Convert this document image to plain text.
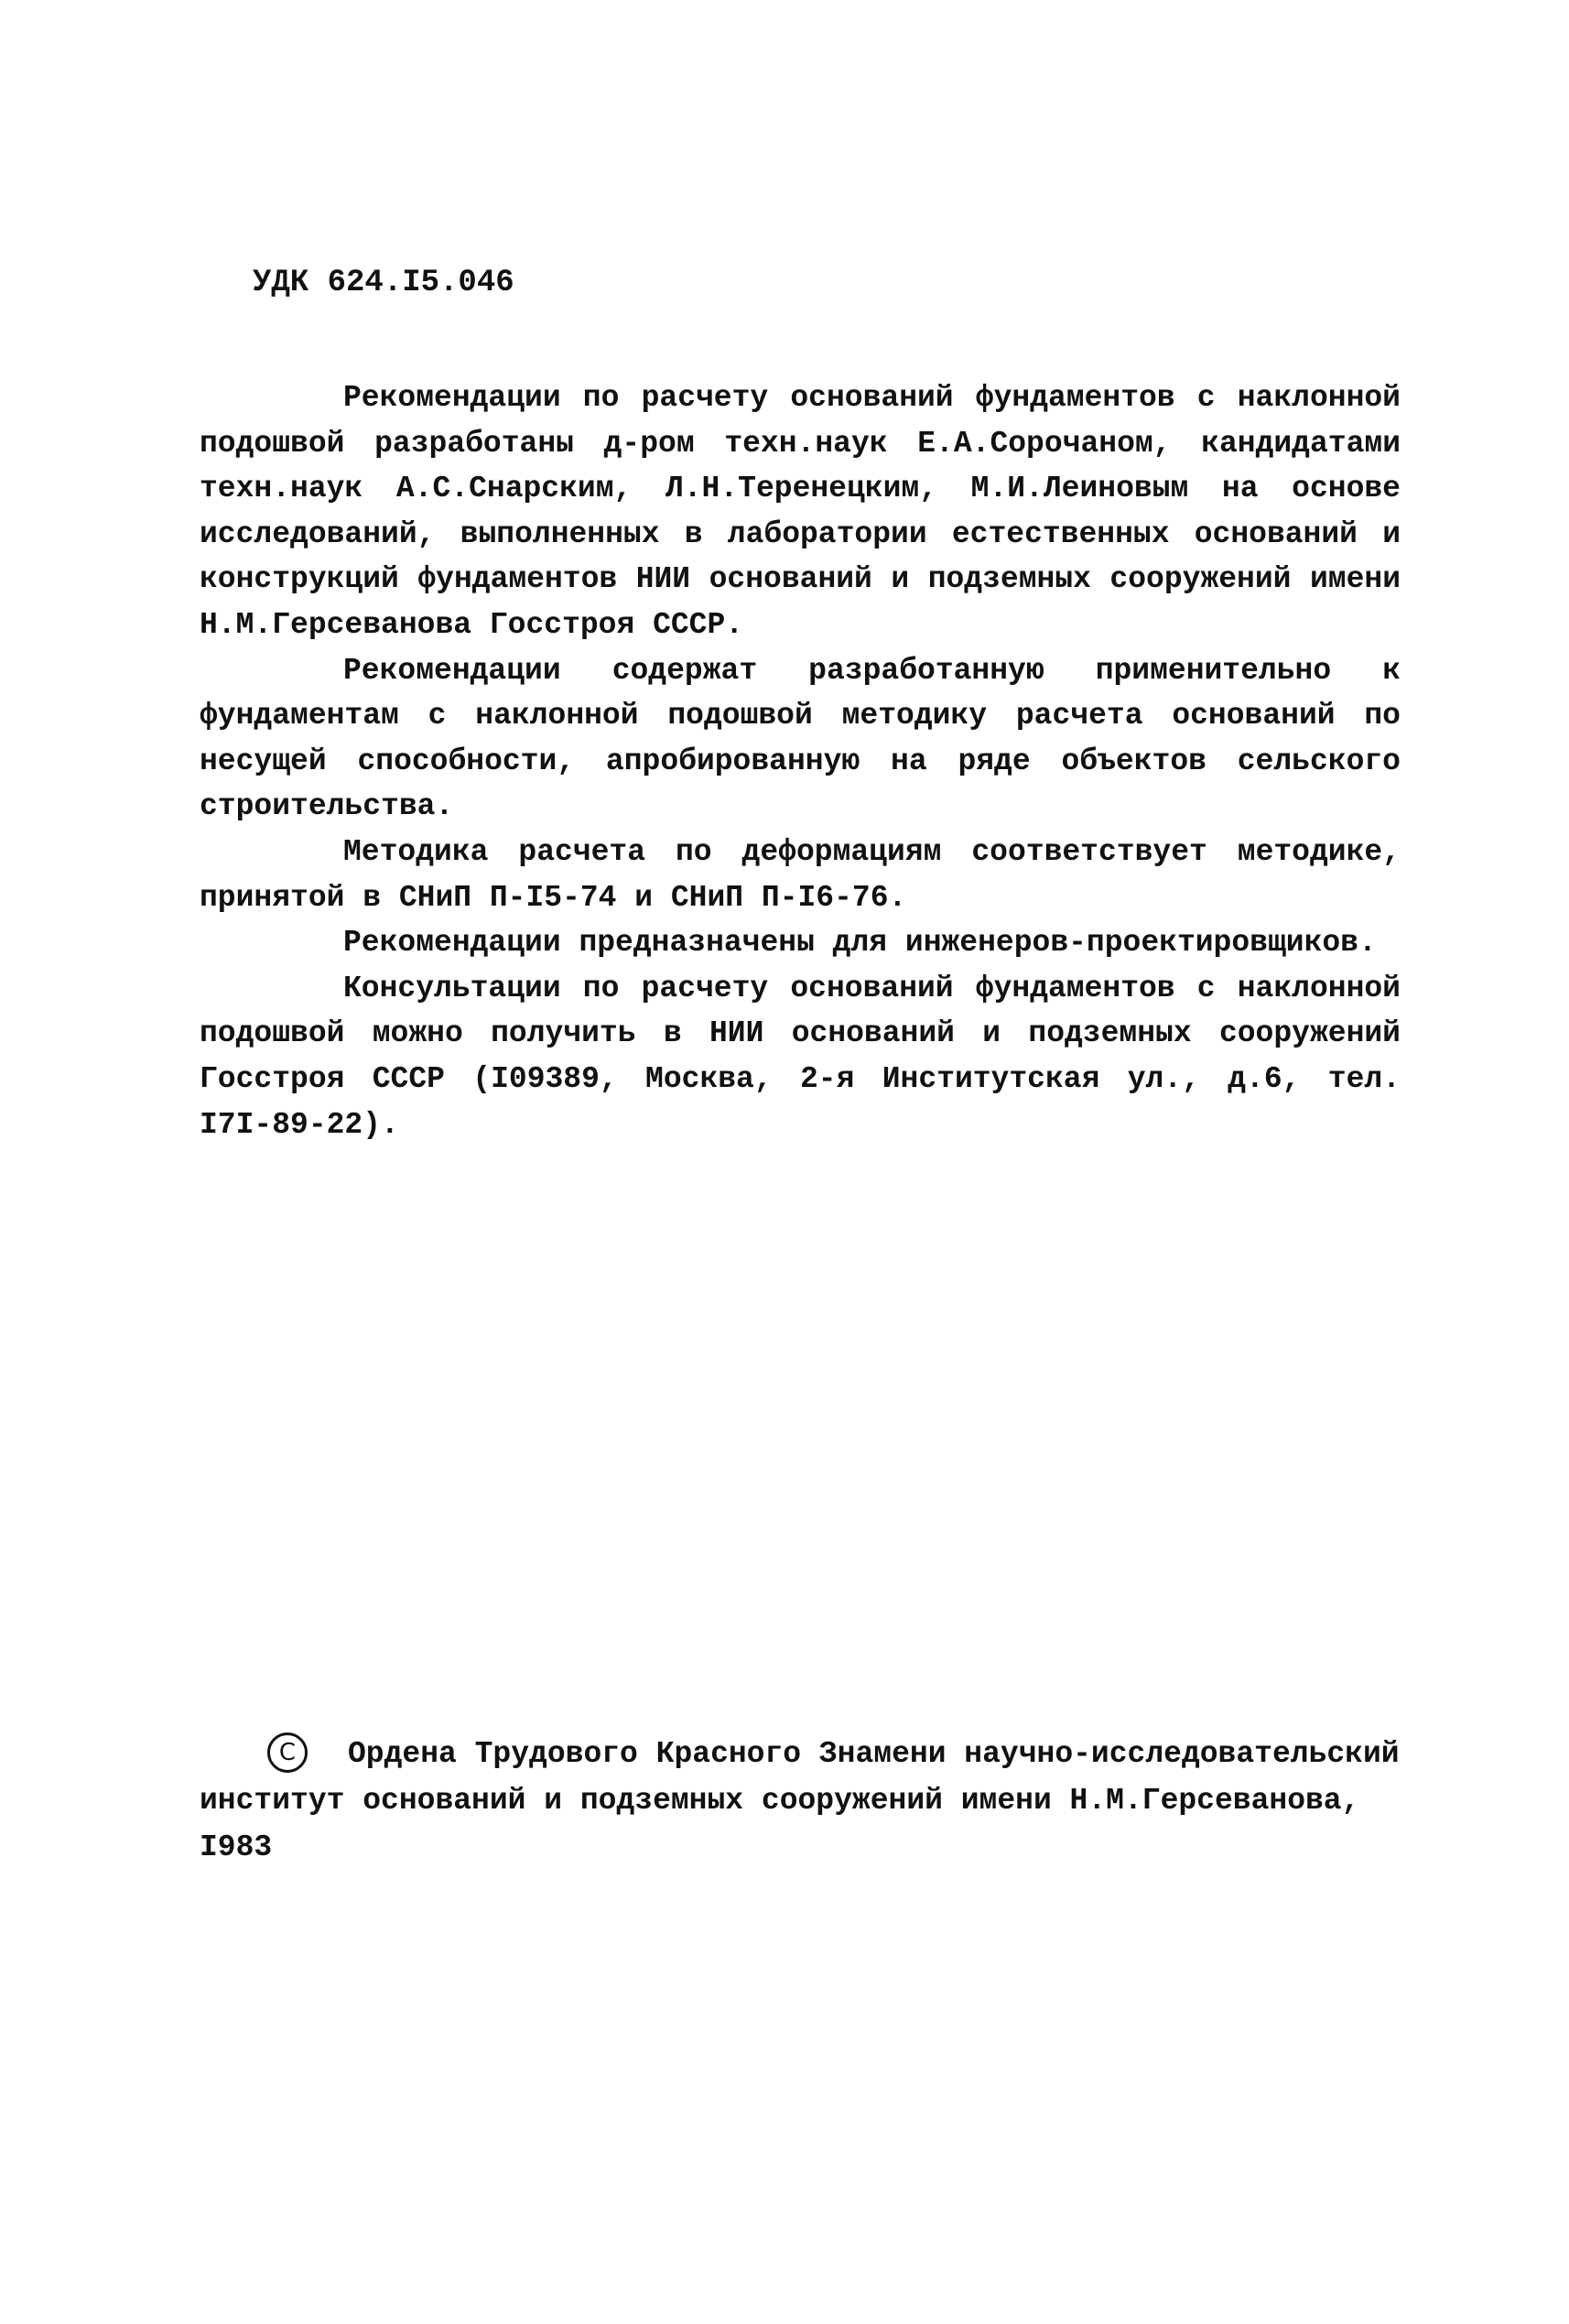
УДК 624.I5.046

Рекомендации по расчету оснований фундаментов с наклонной подошвой разработаны д-ром техн.наук Е.А.Сорочаном, кандидатами техн.наук А.С.Снарским, Л.Н.Теренецким, М.И.Леиновым на основе исследований, выполненных в лаборатории естественных оснований и конструкций фундаментов НИИ оснований и подземных сооружений имени Н.М.Герсеванова Госстроя СССР.

Рекомендации содержат разработанную применительно к фундаментам с наклонной подошвой методику расчета оснований по несущей способности, апробированную на ряде объектов сельского строительства.

Методика расчета по деформациям соответствует методике, принятой в СНиП П-I5-74 и СНиП П-I6-76.

Рекомендации предназначены для инженеров-проектировщиков.

Консультации по расчету оснований фундаментов с наклонной подошвой можно получить в НИИ оснований и подземных сооружений Госстроя СССР (I09389, Москва, 2-я Институтская ул., д.6, тел. I7I-89-22).

С	Ордена Трудового Красного Знамени научно-исследовательский
институт оснований и подземных сооружений имени Н.М.Герсеванова,
I983
